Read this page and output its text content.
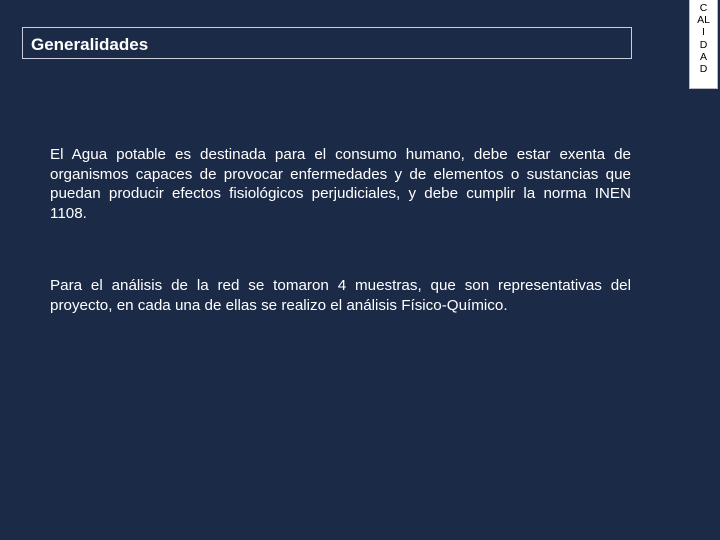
Generalidades
C
AL
I
D
A
D

El Agua potable es destinada para el consumo humano, debe estar exenta de organismos capaces de provocar enfermedades y de elementos o sustancias que puedan producir efectos fisiológicos perjudiciales, y debe cumplir la norma INEN 1108.

Para el análisis de la red se tomaron 4 muestras, que son representativas del proyecto, en cada una de ellas se realizo el análisis Físico-Químico.
